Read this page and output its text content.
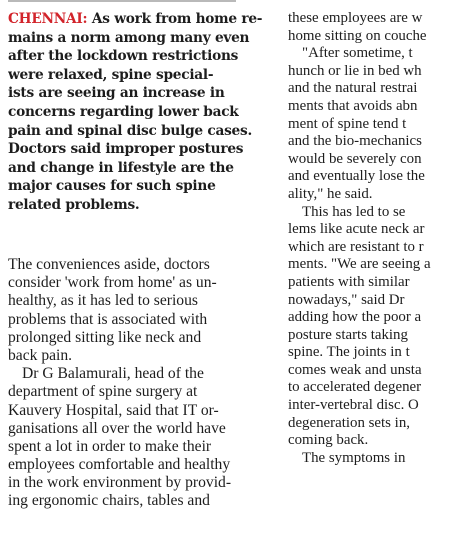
CHENNAI: As work from home re-
mains a norm among many even
after the lockdown restrictions
were relaxed, spine special-
ists are seeing an increase in
concerns regarding lower back
pain and spinal disc bulge cases.
Doctors said improper postures
and change in lifestyle are the
major causes for such spine
related problems.
The conveniences aside, doctors
consider 'work from home' as un-
healthy, as it has led to serious
problems that is associated with
prolonged sitting like neck and
back pain.
Dr G Balamurali, head of the
department of spine surgery at
Kauvery Hospital, said that IT or-
ganisations all over the world have
spent a lot in order to make their
employees comfortable and healthy
in the work environment by provid-
ing ergonomic chairs, tables and
these employees are w
home sitting on couche
"After sometime, t
hunch or lie in bed wh
and the natural restrai
ments that avoids abn
ment of spine tend t
and the bio-mechanics
would be severely con
and eventually lose the
ality," he said.
This has led to se
lems like acute neck ar
which are resistant to r
ments. "We are seeing a
patients with similar
nowadays," said Dr
adding how the poor a
posture starts taking
spine. The joints in t
comes weak and unsta
to accelerated degener
inter-vertebral disc. O
degeneration sets in,
coming back.
The symptoms in
